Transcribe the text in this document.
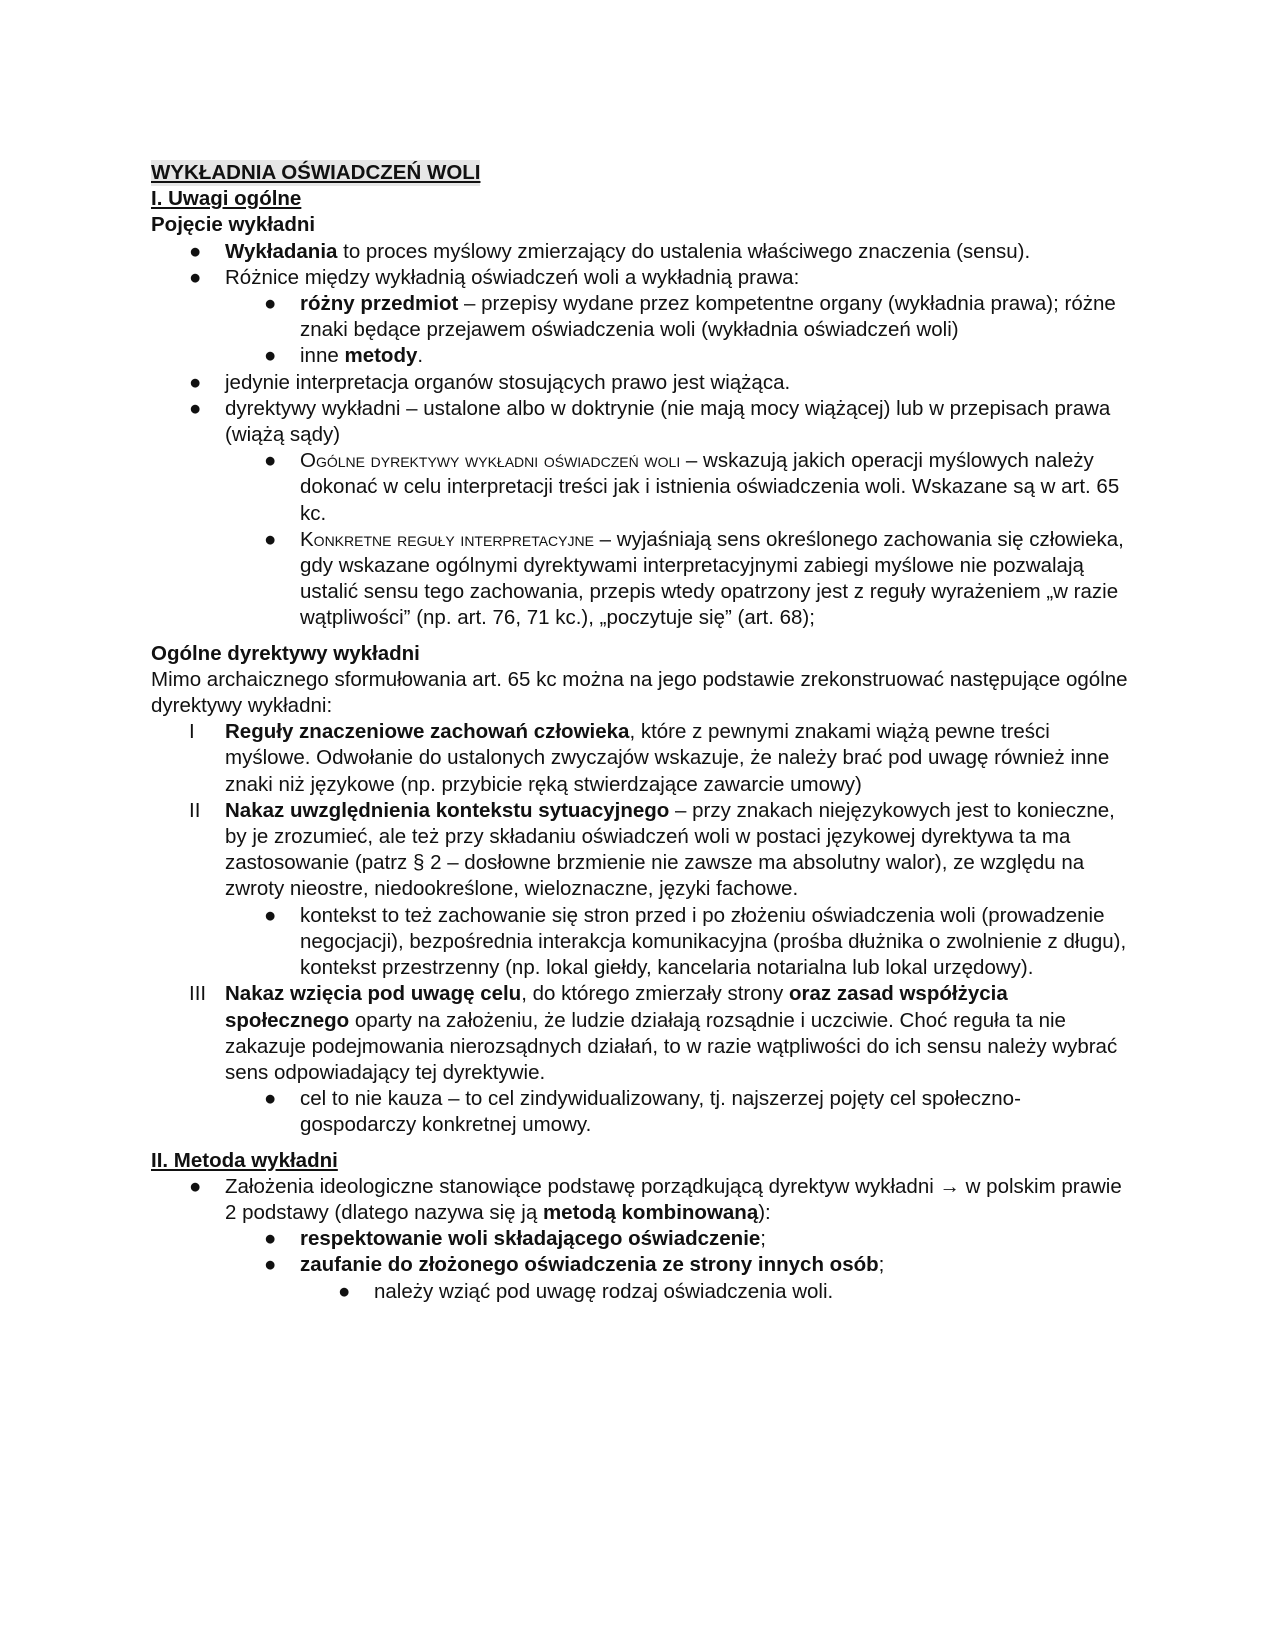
WYKŁADNIA OŚWIADCZEŃ WOLI

I. Uwagi ogólne

Pojęcie wykładni

● Wykładania to proces myślowy zmierzający do ustalenia właściwego znaczenia (sensu).
● Różnice między wykładnią oświadczeń woli a wykładnią prawa:
● różny przedmiot – przepisy wydane przez kompetentne organy (wykładnia prawa); różne znaki będące przejawem oświadczenia woli (wykładnia oświadczeń woli)
● inne metody.
● jedynie interpretacja organów stosujących prawo jest wiążąca.
● dyrektywy wykładni – ustalone albo w doktrynie (nie mają mocy wiążącej) lub w przepisach prawa (wiążą sądy)
● Ogólne dyrektywy wykładni oświadczeń woli – wskazują jakich operacji myślowych należy dokonać w celu interpretacji treści jak i istnienia oświadczenia woli. Wskazane są w art. 65 kc.
● Konkretne reguły interpretacyjne – wyjaśniają sens określonego zachowania się człowieka, gdy wskazane ogólnymi dyrektywami interpretacyjnymi zabiegi myślowe nie pozwalają ustalić sensu tego zachowania, przepis wtedy opatrzony jest z reguły wyrażeniem „w razie wątpliwości” (np. art. 76, 71 kc.), „poczytuje się” (art. 68);

Ogólne dyrektywy wykładni

Mimo archaicznego sformułowania art. 65 kc można na jego podstawie zrekonstruować następujące ogólne dyrektywy wykładni:

I Reguły znaczeniowe zachowań człowieka, które z pewnymi znakami wiążą pewne treści myślowe. Odwołanie do ustalonych zwyczajów wskazuje, że należy brać pod uwagę również inne znaki niż językowe (np. przybicie ręką stwierdzające zawarcie umowy)
II Nakaz uwzględnienia kontekstu sytuacyjnego – przy znakach niejęzykowych jest to konieczne, by je zrozumieć, ale też przy składaniu oświadczeń woli w postaci językowej dyrektywa ta ma zastosowanie (patrz § 2 – dosłowne brzmienie nie zawsze ma absolutny walor), ze względu na zwroty nieostre, niedookreślone, wieloznaczne, języki fachowe.
● kontekst to też zachowanie się stron przed i po złożeniu oświadczenia woli (prowadzenie negocjacji), bezpośrednia interakcja komunikacyjna (prośba dłużnika o zwolnienie z długu), kontekst przestrzenny (np. lokal giełdy, kancelaria notarialna lub lokal urzędowy).
III Nakaz wzięcia pod uwagę celu, do którego zmierzały strony oraz zasad współżycia społecznego oparty na założeniu, że ludzie działają rozsądnie i uczciwie. Choć reguła ta nie zakazuje podejmowania nierozsądnych działań, to w razie wątpliwości do ich sensu należy wybrać sens odpowiadający tej dyrektywie.
● cel to nie kauza – to cel zindywidualizowany, tj. najszerzej pojęty cel społeczno-gospodarczy konkretnej umowy.

II. Metoda wykładni

● Założenia ideologiczne stanowiące podstawę porządkującą dyrektyw wykładni → w polskim prawie 2 podstawy (dlatego nazywa się ją metodą kombinowaną):
● respektowanie woli składającego oświadczenie;
● zaufanie do złożonego oświadczenia ze strony innych osób;
● należy wziąć pod uwagę rodzaj oświadczenia woli.
